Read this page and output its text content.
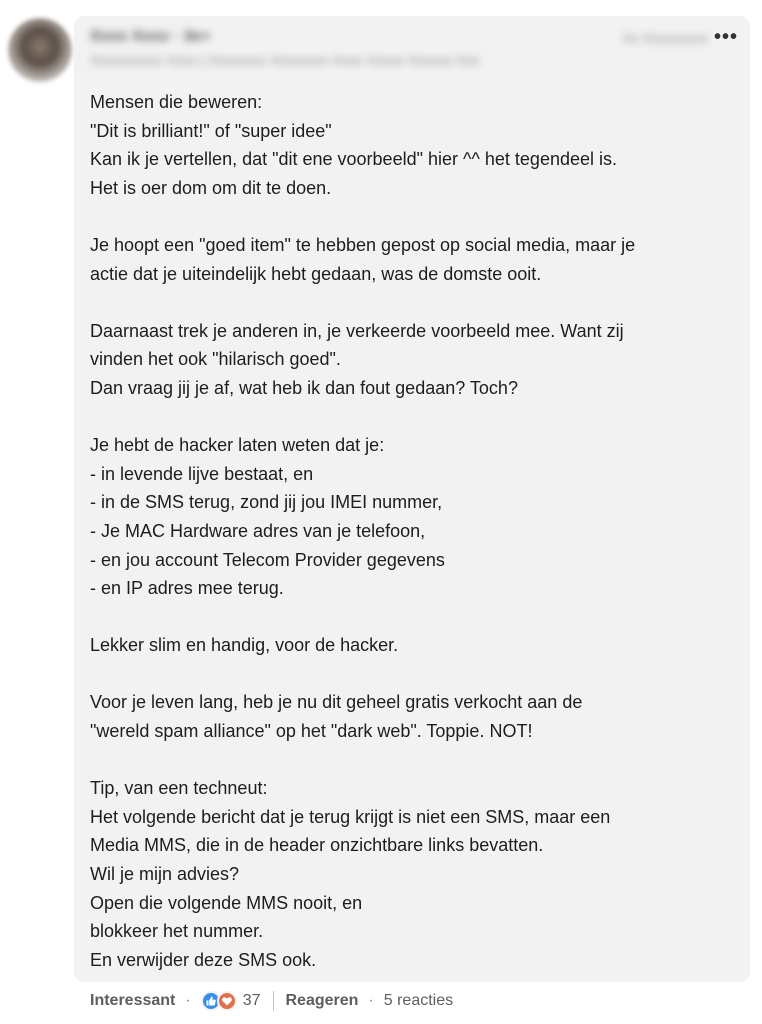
Xxxx Xxxx · 3e+
Xxxxxxxxxx Xxxx | Xxxxxxxx Xxxxxxxx Xxxx Xxxxx Xxxxxx Xxx
Xx Xxxxxxxxx •••
Mensen die beweren:
"Dit is brilliant!" of "super idee"
Kan ik je vertellen, dat "dit ene voorbeeld" hier ^^ het tegendeel is.
Het is oer dom om dit te doen.
Je hoopt een "goed item" te hebben gepost op social media, maar je
actie dat je uiteindelijk hebt gedaan, was de domste ooit.
Daarnaast trek je anderen in, je verkeerde voorbeeld mee. Want zij
vinden het ook "hilarisch goed".
Dan vraag jij je af, wat heb ik dan fout gedaan? Toch?
Je hebt de hacker laten weten dat je:
- in levende lijve bestaat, en
- in de SMS terug, zond jij jou IMEI nummer,
- Je MAC Hardware adres van je telefoon,
- en jou account Telecom Provider gegevens
- en IP adres mee terug.
Lekker slim en handig, voor de hacker.
Voor je leven lang, heb je nu dit geheel gratis verkocht aan de
"wereld spam alliance" op het "dark web". Toppie. NOT!
Tip, van een techneut:
Het volgende bericht dat je terug krijgt is niet een SMS, maar een
Media MMS, die in de header onzichtbare links bevatten.
Wil je mijn advies?
Open die volgende MMS nooit, en
blokkeer het nummer.
En verwijder deze SMS ook.
Interessant ·	37 Reageren · 5 reacties
